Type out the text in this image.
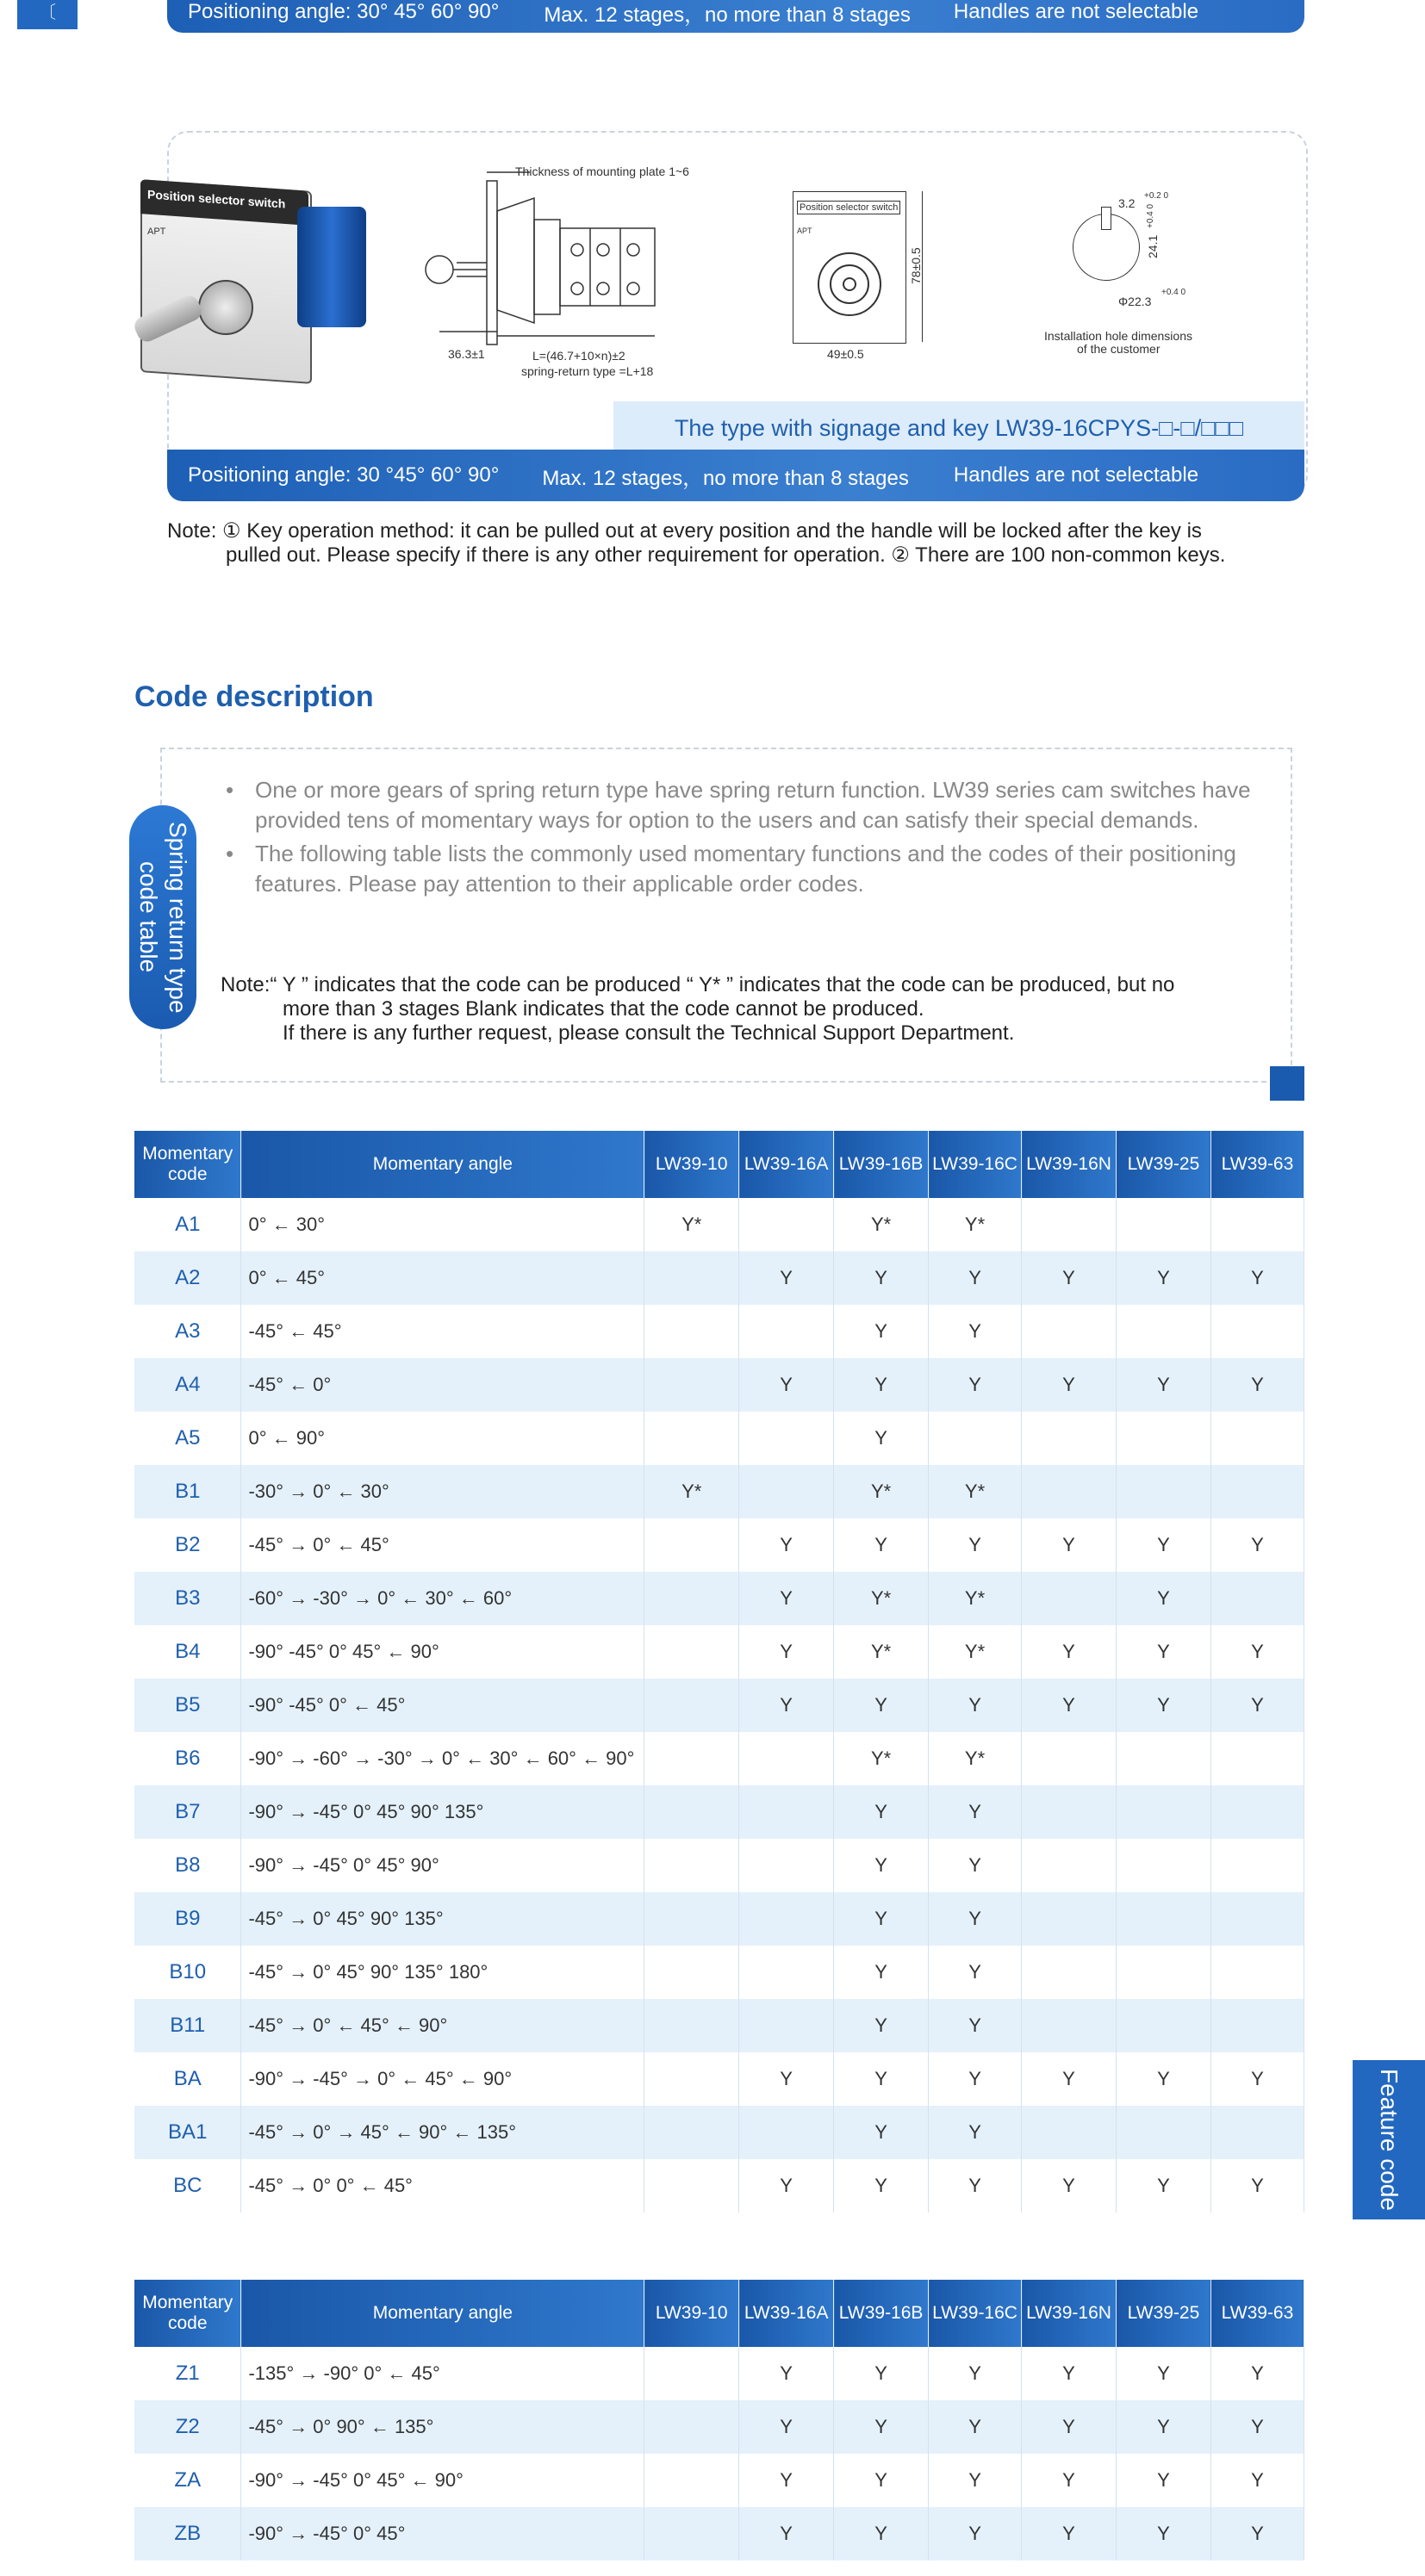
〔	Positioning angle: 30° 45° 60° 90° Max. 12 stages，no more than 8 stages Handles are not selectable
Position selector switch
APT
Thickness of mounting plate 1~6
36.3±1	L=(46.7+10×n)±2
spring-return type =L+18
Position selector switch
APT
78±0.5
49±0.5
3.2
+0.2 0
24.1
+0.4 0
Φ22.3
+0.4 0
Installation hole dimensions
of the customer
The type with signage and key LW39-16CPYS-□-□/□□□
Positioning angle: 30 °45° 60° 90° Max. 12 stages，no more than 8 stages Handles are not selectable
Note: ① Key operation method: it can be pulled out at every position and the handle will be locked after the key is
pulled out. Please specify if there is any other requirement for operation. ② There are 100 non-common keys.
Code description
Spring return type code table
• One or more gears of spring return type have spring return function. LW39 series cam switches have provided tens of momentary ways for option to the users and can satisfy their special demands.
• The following table lists the commonly used momentary functions and the codes of their positioning features. Please pay attention to their applicable order codes.
Note:“ Y ” indicates that the code can be produced “ Y* ” indicates that the code can be produced, but no
more than 3 stages Blank indicates that the code cannot be produced.
If there is any further request, please consult the Technical Support Department.
Feature code
Momentary code	Momentary angle	LW39-10	LW39-16A	LW39-16B	LW39-16C	LW39-16N	LW39-25	LW39-63
A1	0° ← 30°	Y*		Y*	Y*			
A2	0° ← 45°		Y	Y	Y	Y	Y	Y
A3	-45° ← 45°			Y	Y			
A4	-45° ← 0°		Y	Y	Y	Y	Y	Y
A5	0° ← 90°			Y				
B1	-30° → 0° ← 30°	Y*		Y*	Y*			
B2	-45° → 0° ← 45°		Y	Y	Y	Y	Y	Y
B3	-60° → -30° → 0° ← 30° ← 60°		Y	Y*	Y*		Y	
B4	-90° -45° 0° 45° ← 90°		Y	Y*	Y*	Y	Y	Y
B5	-90° -45° 0° ← 45°		Y	Y	Y	Y	Y	Y
B6	-90° → -60° → -30° → 0° ← 30° ← 60° ← 90°			Y*	Y*			
B7	-90° → -45° 0° 45° 90° 135°			Y	Y			
B8	-90° → -45° 0° 45° 90°			Y	Y			
B9	-45° → 0° 45° 90° 135°			Y	Y			
B10	-45° → 0° 45° 90° 135° 180°			Y	Y			
B11	-45° → 0° ← 45° ← 90°			Y	Y			
BA	-90° → -45° → 0° ← 45° ← 90°		Y	Y	Y	Y	Y	Y
BA1	-45° → 0° → 45° ← 90° ← 135°			Y	Y			
BC	-45° → 0° 0° ← 45°		Y	Y	Y	Y	Y	Y
Momentary code	Momentary angle	LW39-10	LW39-16A	LW39-16B	LW39-16C	LW39-16N	LW39-25	LW39-63
Z1	-135° → -90° 0° ← 45°		Y	Y	Y	Y	Y	Y
Z2	-45° → 0° 90° ← 135°		Y	Y	Y	Y	Y	Y
ZA	-90° → -45° 0° 45° ← 90°		Y	Y	Y	Y	Y	Y
ZB	-90° → -45° 0° 45°		Y	Y	Y	Y	Y	Y
